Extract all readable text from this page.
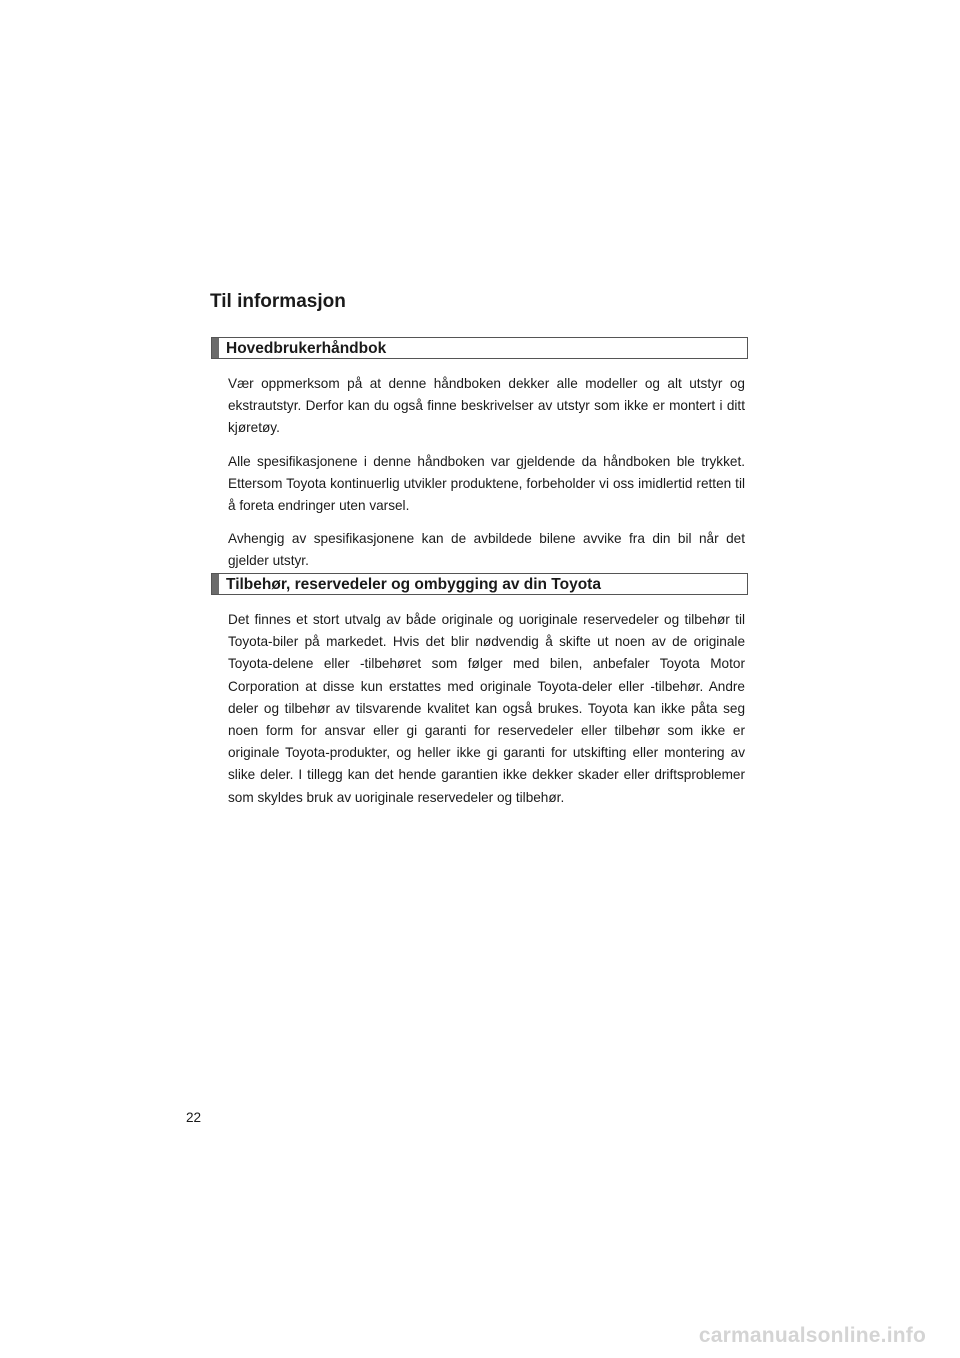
Til informasjon
Hovedbrukerhåndbok

Vær oppmerksom på at denne håndboken dekker alle modeller og alt utstyr og ekstrautstyr. Derfor kan du også finne beskrivelser av utstyr som ikke er montert i ditt kjøretøy.

Alle spesifikasjonene i denne håndboken var gjeldende da håndboken ble trykket. Ettersom Toyota kontinuerlig utvikler produktene, forbeholder vi oss imidlertid retten til å foreta endringer uten varsel.

Avhengig av spesifikasjonene kan de avbildede bilene avvike fra din bil når det gjelder utstyr.

Tilbehør, reservedeler og ombygging av din Toyota

Det finnes et stort utvalg av både originale og uoriginale reservedeler og tilbehør til Toyota-biler på markedet. Hvis det blir nødvendig å skifte ut noen av de originale Toyota-delene eller -tilbehøret som følger med bilen, anbefaler Toyota Motor Corporation at disse kun erstattes med originale Toyota-deler eller -tilbehør. Andre deler og tilbehør av tilsvarende kvalitet kan også brukes. Toyota kan ikke påta seg noen form for ansvar eller gi garanti for reservedeler eller tilbehør som ikke er originale Toyota-produkter, og heller ikke gi garanti for utskifting eller montering av slike deler. I tillegg kan det hende garantien ikke dekker skader eller driftsproblemer som skyldes bruk av uoriginale reservedeler og tilbehør.

22
carmanualsonline.info
